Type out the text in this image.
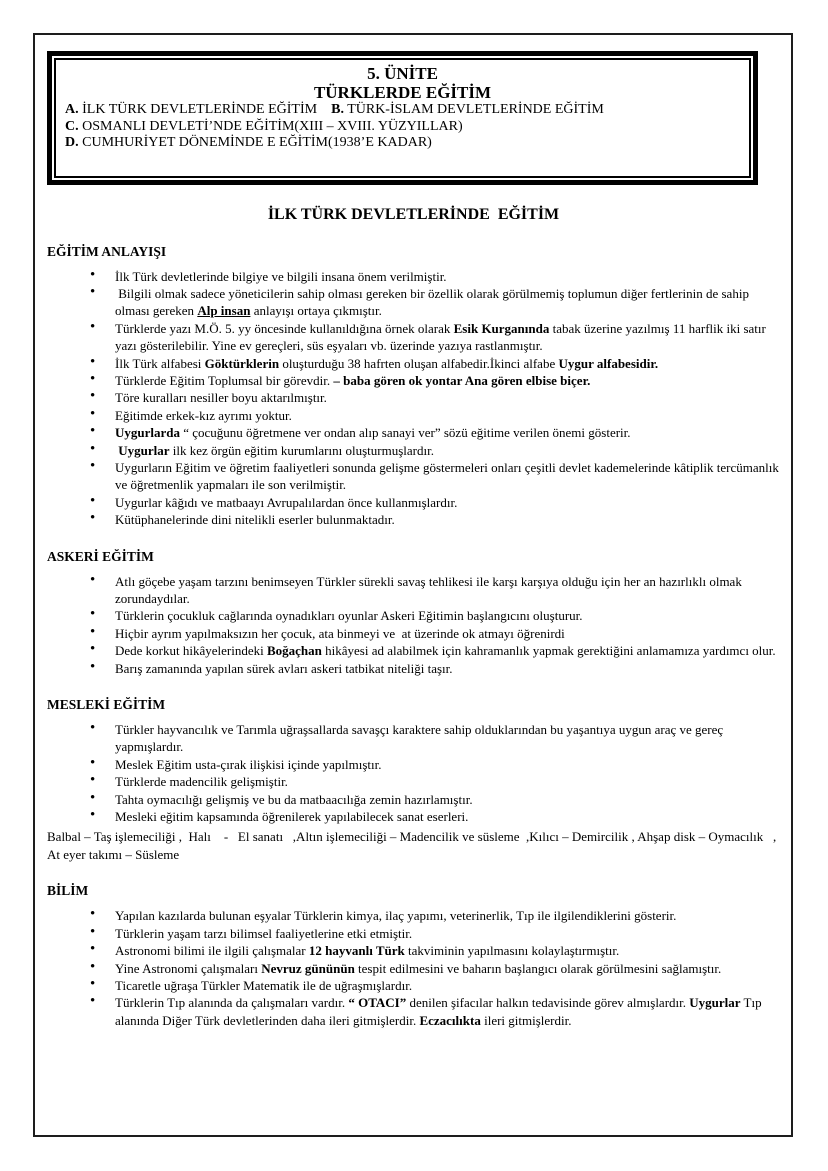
5. ÜNİTE
TÜRKLERDE EĞİTİM
A. İLK TÜRK DEVLETLERİNDE EĞİTİM    B. TÜRK-İSLAM DEVLETLERİNDE EĞİTİM
C. OSMANLI DEVLETİ’NDE EĞİTİM(XIII – XVIII. YÜZYILLAR)
D. CUMHURİYET DÖNEMİNDE E EĞİTİM(1938’E KADAR)
İLK TÜRK DEVLETLERİNDE  EĞİTİM
EĞİTİM ANLAYIŞI
• İlk Türk devletlerinde bilgiye ve bilgili insana önem verilmiştir.
•  Bilgili olmak sadece yöneticilerin sahip olması gereken bir özellik olarak görülmemiş toplumun diğer fertlerinin de sahip olması gereken Alp insan anlayışı ortaya çıkmıştır.
• Türklerde yazı M.Ö. 5. yy öncesinde kullanıldığına örnek olarak Esik Kurganında tabak üzerine yazılmış 11 harflik iki satır yazı gösterilebilir. Yine ev gereçleri, süs eşyaları vb. üzerinde yazıya rastlanmıştır.
• İlk Türk alfabesi Göktürklerin oluşturduğu 38 hafrten oluşan alfabedir.İkinci alfabe Uygur alfabesidir.
• Türklerde Eğitim Toplumsal bir görevdir. – baba gören ok yontar Ana gören elbise biçer.
• Töre kuralları nesiller boyu aktarılmıştır.
• Eğitimde erkek-kız ayrımı yoktur.
• Uygurlarda “ çocuğunu öğretmene ver ondan alıp sanayi ver” sözü eğitime verilen önemi gösterir.
• Uygurlar ilk kez örgün eğitim kurumlarını oluşturmuşlardır.
• Uygurların Eğitim ve öğretim faaliyetleri sonunda gelişme göstermeleri onları çeşitli devlet kademelerinde kâtiplik tercümanlık ve öğretmenlik yapmaları ile son verilmiştir.
• Uygurlar kâğıdı ve matbaayı Avrupalılardan önce kullanmışlardır.
• Kütüphanelerinde dini nitelikli eserler bulunmaktadır.
ASKERİ EĞİTİM
• Atlı göçebe yaşam tarzını benimseyen Türkler sürekli savaş tehlikesi ile karşı karşıya olduğu için her an hazırlıklı olmak zorundaydılar.
• Türklerin çocukluk cağlarında oynadıkları oyunlar Askeri Eğitimin başlangıcını oluşturur.
• Hiçbir ayrım yapılmaksızın her çocuk, ata binmeyi ve  at üzerinde ok atmayı öğrenirdi
• Dede korkut hikâyelerindeki Boğaçhan hikâyesi ad alabilmek için kahramanlık yapmak gerektiğini anlamamıza yardımcı olur.
• Barış zamanında yapılan sürek avları askeri tatbikat niteliği taşır.
MESLEKİ EĞİTİM
• Türkler hayvancılık ve Tarımla uğraşsallarda savaşçı karaktere sahip olduklarından bu yaşantıya uygun araç ve gereç yapmışlardır.
• Meslek Eğitim usta-çırak ilişkisi içinde yapılmıştır.
• Türklerde madencilik gelişmiştir.
• Tahta oymacılığı gelişmiş ve bu da matbaacılığa zemin hazırlamıştır.
• Mesleki eğitim kapsamında öğrenilerek yapılabilecek sanat eserleri.

Balbal – Taş işlemeciliği ,  Halı    -   El sanatı   ,Altın işlemeciliği – Madencilik ve süsleme  ,Kılıcı – Demircilik , Ahşap disk – Oymacılık   , At eyer takımı – Süsleme

BİLİM
• Yapılan kazılarda bulunan eşyalar Türklerin kimya, ilaç yapımı, veterinerlik, Tıp ile ilgilendiklerini gösterir.
• Türklerin yaşam tarzı bilimsel faaliyetlerine etki etmiştir.
• Astronomi bilimi ile ilgili çalışmalar 12 hayvanlı Türk takviminin yapılmasını kolaylaştırmıştır.
• Yine Astronomi çalışmaları Nevruz gününün tespit edilmesini ve baharın başlangıcı olarak görülmesini sağlamıştır.
• Ticaretle uğraşa Türkler Matematik ile de uğraşmışlardır.
• Türklerin Tıp alanında da çalışmaları vardır. “ OTACI” denilen şifacılar halkın tedavisinde görev almışlardır. Uygurlar Tıp alanında Diğer Türk devletlerinden daha ileri gitmişlerdir. Eczacılıkta ileri gitmişlerdir.
